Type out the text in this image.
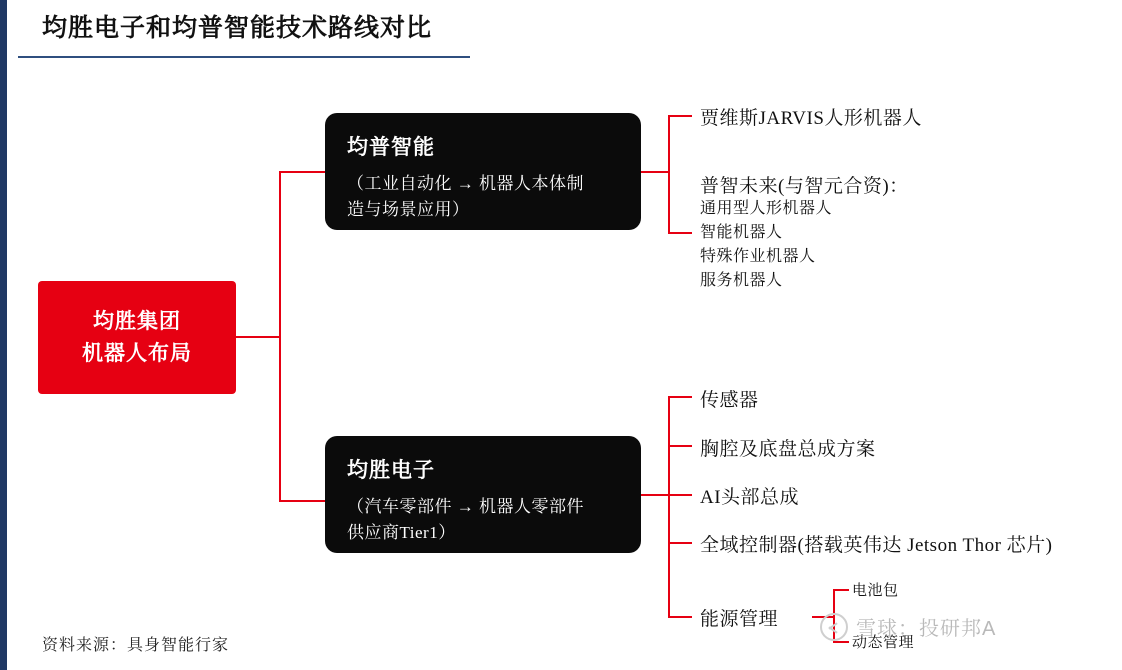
均胜电子和均普智能技术路线对比
均胜集团
机器人布局
均普智能
（工业自动化 → 机器人本体制
造与场景应用）
贾维斯JARVIS人形机器人
普智未来(与智元合资)：
通用型人形机器人
智能机器人
特殊作业机器人
服务机器人
均胜电子
（汽车零部件 → 机器人零部件
供应商Tier1）
传感器
胸腔及底盘总成方案
AI头部总成
全域控制器(搭载英伟达 Jetson Thor 芯片)
能源管理
电池包
动态管理
资料来源：具身智能行家
雪球：投研邦A
